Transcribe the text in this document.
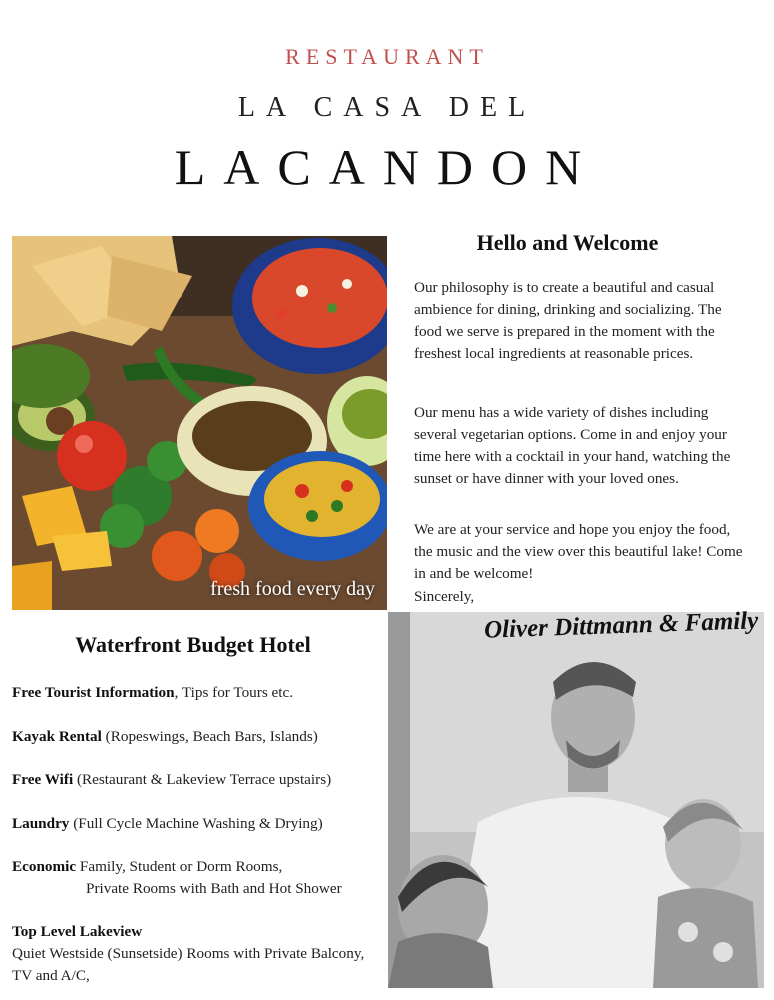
RESTAURANT
LA CASA DEL
LACANDON
fresh food every day
Hello and Welcome
Our philosophy is to create a beautiful and casual ambience for dining, drinking and socializing. The food we serve is prepared in the moment with the freshest local ingredients at reasonable prices.
Our menu has a wide variety of dishes including several vegetarian options. Come in and enjoy your time here with a cocktail in your hand, watching the sunset or have dinner with your loved ones.
We are at your service and hope you enjoy the food, the music and the view over this beautiful lake! Come in and be welcome!
Sincerely,
Oliver Dittmann & Family
Waterfront Budget Hotel
Free Tourist Information, Tips for Tours etc.
Kayak Rental (Ropeswings, Beach Bars, Islands)
Free Wifi (Restaurant & Lakeview Terrace upstairs)
Laundry (Full Cycle Machine Washing & Drying)
Economic Family, Student or Dorm Rooms,
Private Rooms with Bath and Hot Shower
Top Level Lakeview
Quiet Westside (Sunsetside) Rooms with Private Balcony, TV and A/C,
